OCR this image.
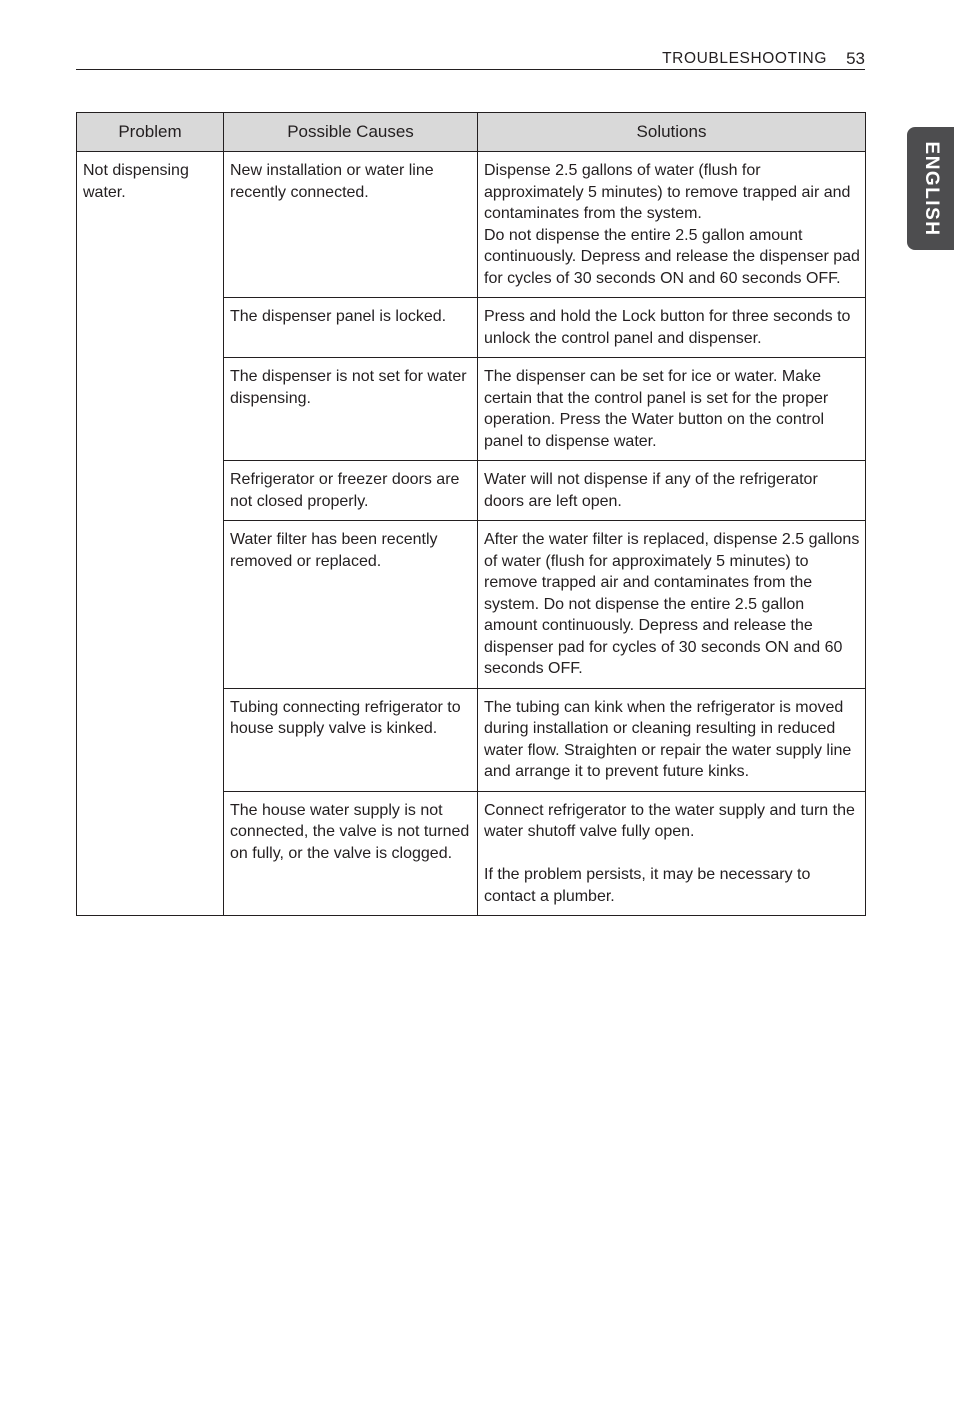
TROUBLESHOOTING 53
ENGLISH
Problem	Possible Causes	Solutions
Not dispensing water.	New installation or water line recently connected.	Dispense 2.5 gallons of water (flush for approximately 5 minutes) to remove trapped air and contaminates from the system.
Do not dispense the entire 2.5 gallon amount continuously. Depress and release the dispenser pad for cycles of 30 seconds ON and 60 seconds OFF.
	The dispenser panel is locked.	Press and hold the Lock button for three seconds to unlock the control panel and dispenser.
	The dispenser is not set for water dispensing.	The dispenser can be set for ice or water. Make certain that the control panel is set for the proper operation. Press the Water button on the control panel to dispense water.
	Refrigerator or freezer doors are not closed properly.	Water will not dispense if any of the refrigerator doors are left open.
	Water filter has been recently removed or replaced.	After the water filter is replaced, dispense 2.5 gallons of water (flush for approximately 5 minutes) to remove trapped air and contaminates from the system. Do not dispense the entire 2.5 gallon amount continuously. Depress and release the dispenser pad for cycles of 30 seconds ON and 60 seconds OFF.
	Tubing connecting refrigerator to house supply valve is kinked.	The tubing can kink when the refrigerator is moved during installation or cleaning resulting in reduced water flow. Straighten or repair the water supply line and arrange it to prevent future kinks.
	The house water supply is not connected, the valve is not turned on fully, or the valve is clogged.	Connect refrigerator to the water supply and turn the water shutoff valve fully open.
If the problem persists, it may be necessary to contact a plumber.
